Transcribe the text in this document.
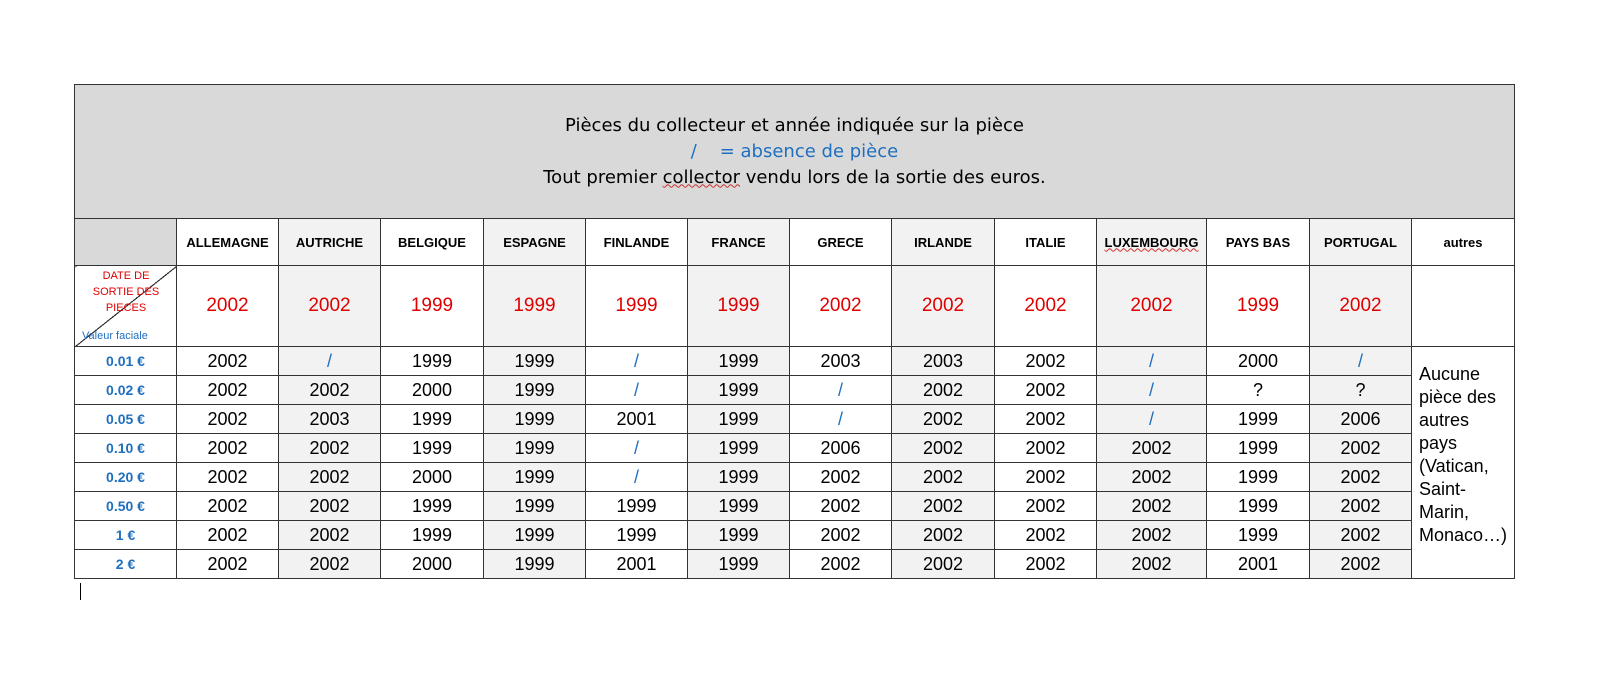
Pièces du collecteur et année indiquée sur la pièce
/ = absence de pièce
Tout premier collector vendu lors de la sortie des euros.													

	ALLEMAGNE	AUTRICHE	BELGIQUE	ESPAGNE	FINLANDE	FRANCE	GRECE	IRLANDE	ITALIE	LUXEMBOURG	PAYS BAS	PORTUGAL	autres

DATE DE SORTIE DES PIECES
Valeur faciale	2002	2002	1999	1999	1999	1999	2002	2002	2002	2002	1999	2002	
0.01 €	2002	/	1999	1999	/	1999	2003	2003	2002	/	2000	/	Aucune pièce des autres pays (Vatican, Saint-Marin, Monaco…)
0.02 €	2002	2002	2000	1999	/	1999	/	2002	2002	/	?	?	
0.05 €	2002	2003	1999	1999	2001	1999	/	2002	2002	/	1999	2006	
0.10 €	2002	2002	1999	1999	/	1999	2006	2002	2002	2002	1999	2002	
0.20 €	2002	2002	2000	1999	/	1999	2002	2002	2002	2002	1999	2002	
0.50 €	2002	2002	1999	1999	1999	1999	2002	2002	2002	2002	1999	2002	
1 €	2002	2002	1999	1999	1999	1999	2002	2002	2002	2002	1999	2002	
2 €	2002	2002	2000	1999	2001	1999	2002	2002	2002	2002	2001	2002	
